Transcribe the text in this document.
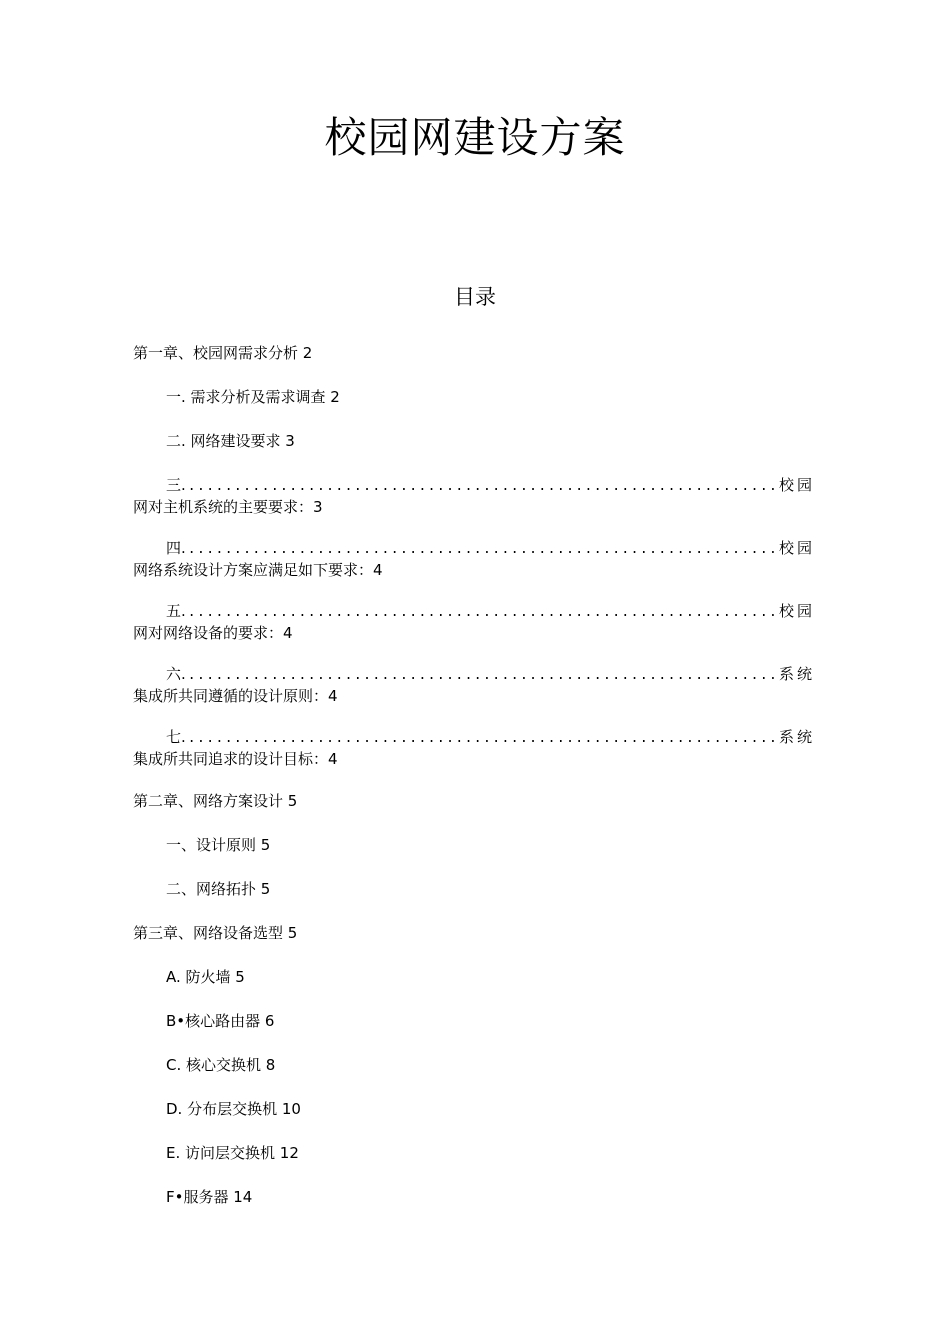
校园网建设方案
目录
第一章、校园网需求分析 2
一. 需求分析及需求调查 2
二. 网络建设要求 3
三. .....	校园
网对主机系统的主要要求：3
四. .....	校园
网络系统设计方案应满足如下要求：4
五. .....	校园
网对网络设备的要求：4
六. .....	系统
集成所共同遵循的设计原则：4
七. .....	系统
集成所共同追求的设计目标：4
第二章、网络方案设计 5
一、设计原则 5
二、网络拓扑 5
第三章、网络设备选型 5
A. 防火墙 5
B•核心路由器 6
C. 核心交换机 8
D. 分布层交换机 10
E. 访问层交换机 12
F•服务器 14
